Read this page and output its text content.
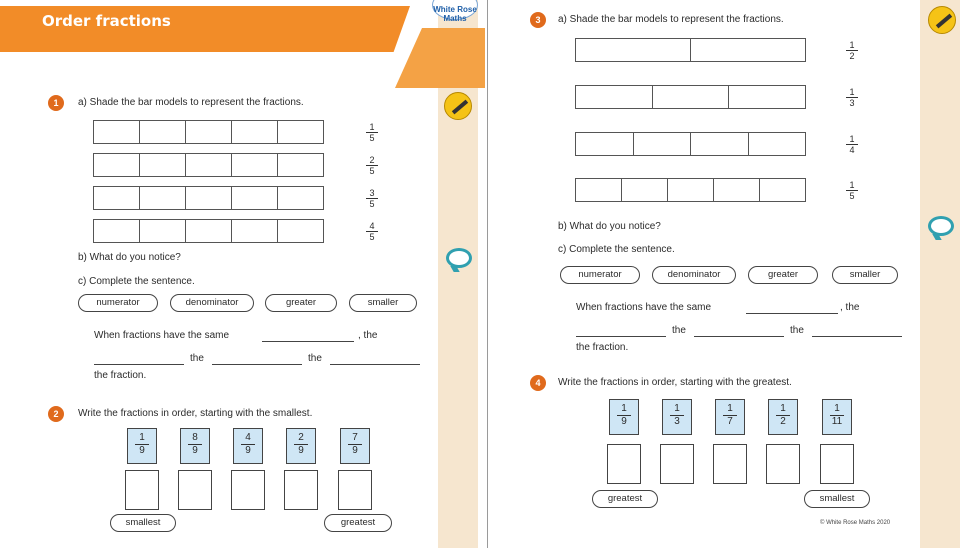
Order fractions
White Rose Maths
1	a) Shade the bar models to represent the fractions.
$\frac{1}{5}$
$\frac{2}{5}$
$\frac{3}{5}$
$\frac{4}{5}$
b) What do you notice?
c) Complete the sentence.
numerator	denominator	greater	smaller
When fractions have the same	, the
the	the
the fraction.
2	Write the fractions in order, starting with the smallest.
$\frac{1}{9} \frac{8}{9} \frac{4}{9} \frac{2}{9} \frac{7}{9}$
smallest	greatest
3	a) Shade the bar models to represent the fractions.
$\frac{1}{2}$
$\frac{1}{3}$
$\frac{1}{4}$
$\frac{1}{5}$
b) What do you notice?
c) Complete the sentence.
numerator	denominator	greater	smaller
When fractions have the same	, the
the	the
the fraction.
4	Write the fractions in order, starting with the greatest.
$\frac{1}{9} \frac{1}{3} \frac{1}{7} \frac{1}{2} \frac{1}{11}$
greatest	smallest
© White Rose Maths 2020
